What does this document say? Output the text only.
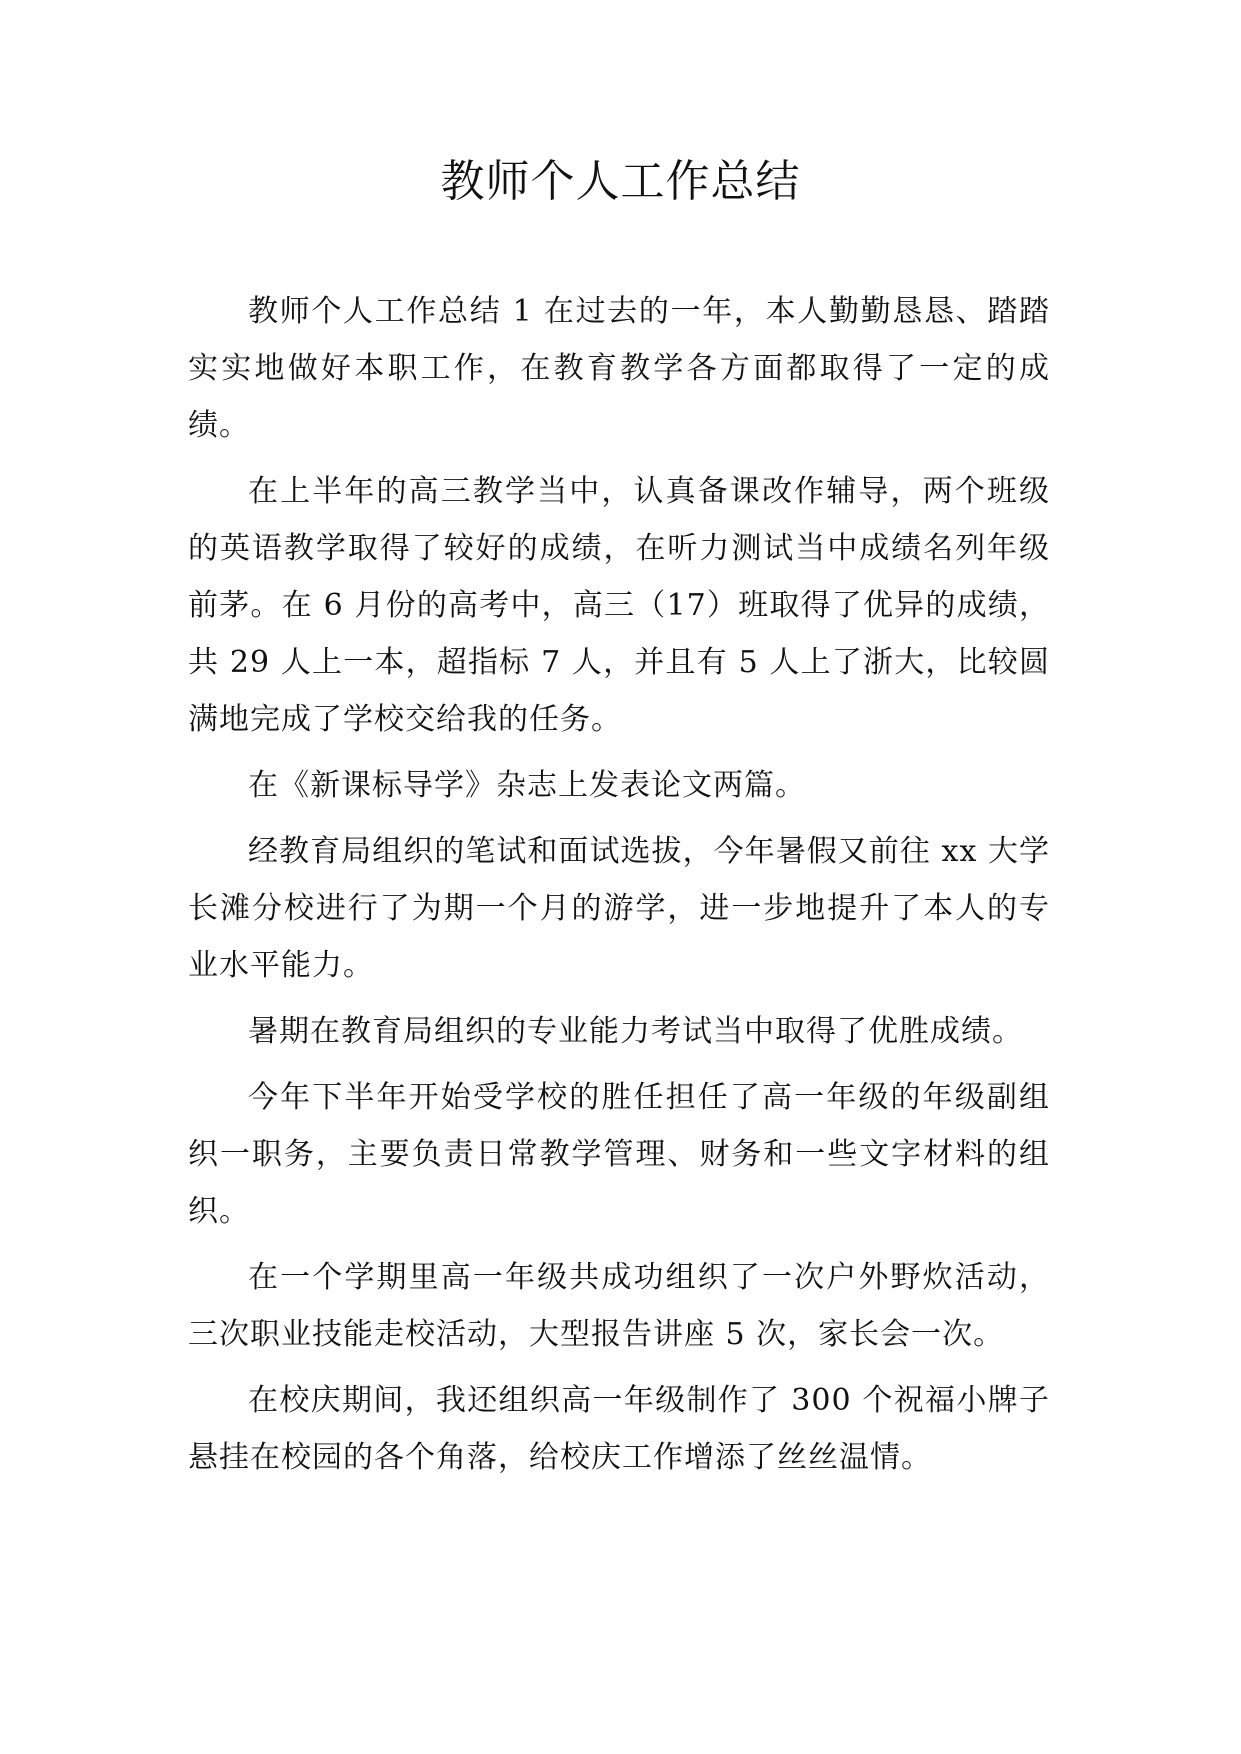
教师个人工作总结

教师个人工作总结 1 在过去的一年，本人勤勤恳恳、踏踏实实地做好本职工作，在教育教学各方面都取得了一定的成绩。

在上半年的高三教学当中，认真备课改作辅导，两个班级的英语教学取得了较好的成绩，在听力测试当中成绩名列年级前茅。在 6 月份的高考中，高三（17）班取得了优异的成绩，共 29 人上一本，超指标 7 人，并且有 5 人上了浙大，比较圆满地完成了学校交给我的任务。

在《新课标导学》杂志上发表论文两篇。

经教育局组织的笔试和面试选拔，今年暑假又前往 xx 大学长滩分校进行了为期一个月的游学，进一步地提升了本人的专业水平能力。

暑期在教育局组织的专业能力考试当中取得了优胜成绩。

今年下半年开始受学校的胜任担任了高一年级的年级副组织一职务，主要负责日常教学管理、财务和一些文字材料的组织。

在一个学期里高一年级共成功组织了一次户外野炊活动，三次职业技能走校活动，大型报告讲座 5 次，家长会一次。

在校庆期间，我还组织高一年级制作了 300 个祝福小牌子悬挂在校园的各个角落，给校庆工作增添了丝丝温情。
